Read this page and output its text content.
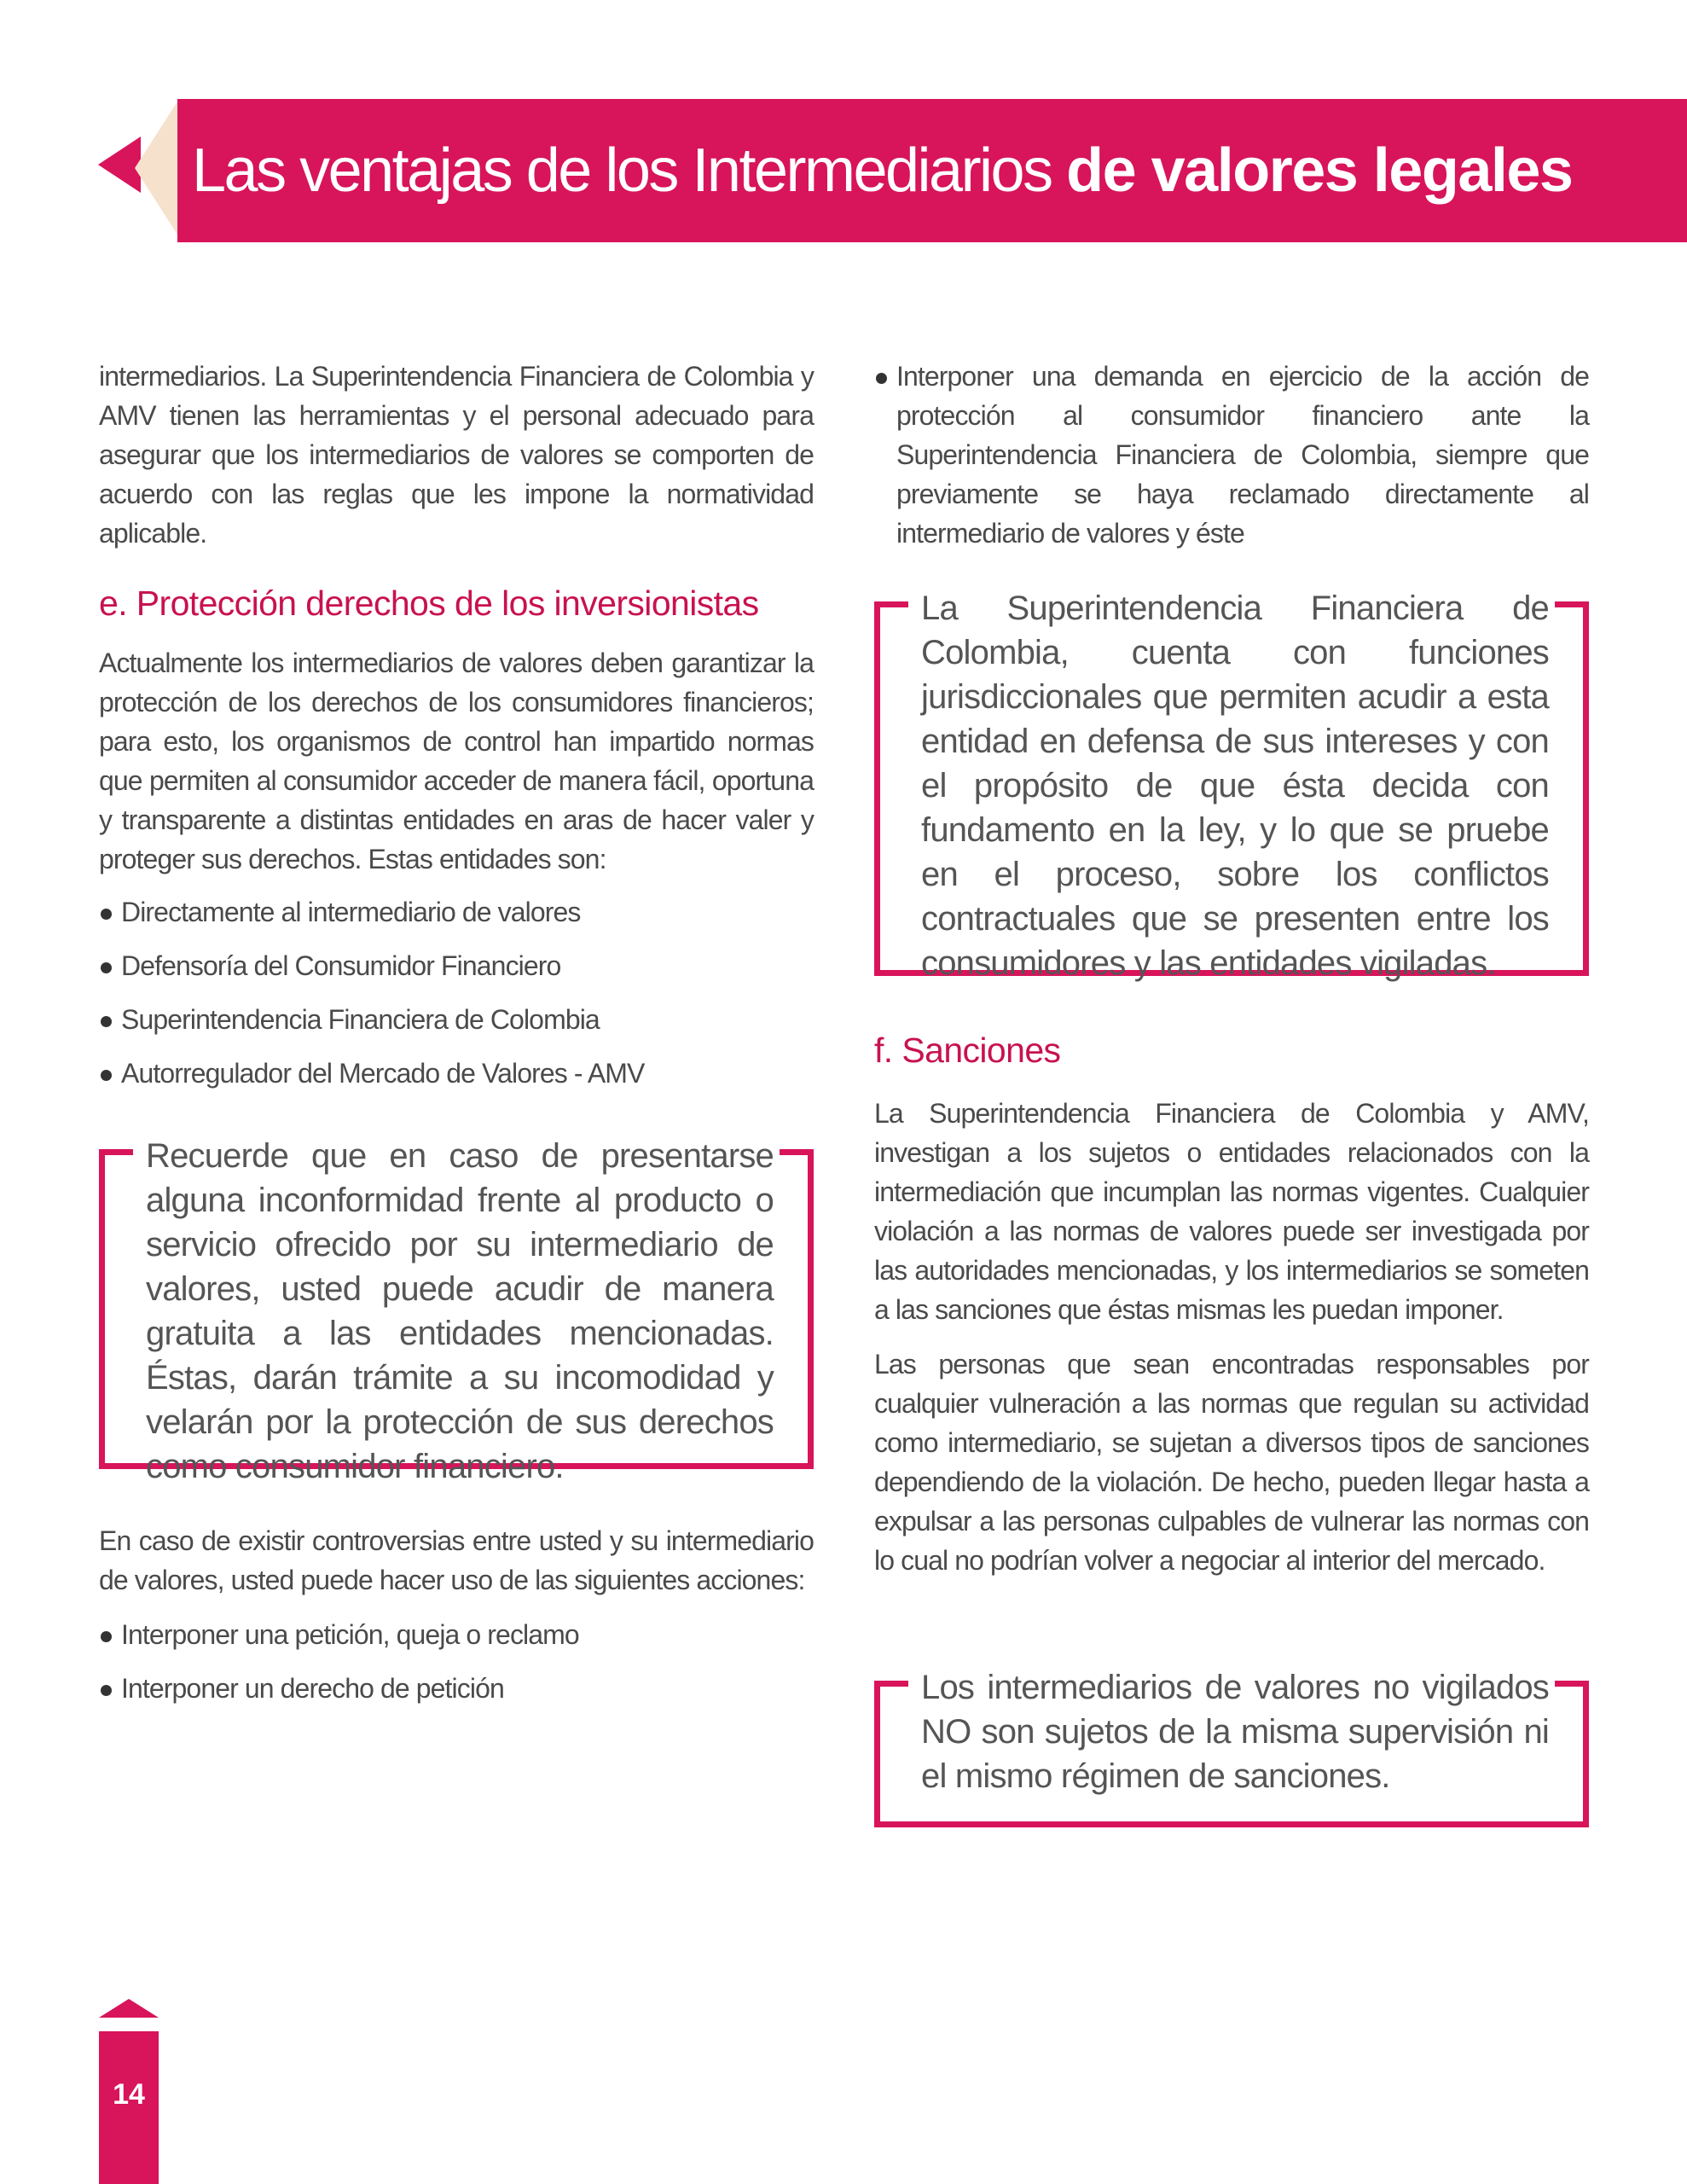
Las ventajas de los Intermediarios de valores legales

intermediarios. La Superintendencia Financiera de Colombia y AMV tienen las herramientas y el personal adecuado para asegurar que los intermediarios de valores se comporten de acuerdo con las reglas que les impone la normatividad aplicable.

e. Protección derechos de los inversionistas

Actualmente los intermediarios de valores deben garantizar la protección de los derechos de los consumidores financieros; para esto, los organismos de control han impartido normas que permiten al consumidor acceder de manera fácil, oportuna y transparente a distintas entidades en aras de hacer valer y proteger sus derechos. Estas entidades son:

Directamente al intermediario de valores
Defensoría del Consumidor Financiero
Superintendencia Financiera de Colombia
Autorregulador del Mercado de Valores - AMV

Recuerde que en caso de presentarse alguna inconformidad frente al producto o servicio ofrecido por su intermediario de valores, usted puede acudir de manera gratuita a las entidades mencionadas. Éstas, darán trámite a su incomodidad y velarán por la protección de sus derechos como consumidor financiero.

En caso de existir controversias entre usted y su intermediario de valores, usted puede hacer uso de las siguientes acciones:

Interponer una petición, queja o reclamo
Interponer un derecho de petición
Interponer una demanda en ejercicio de la acción de protección al consumidor financiero ante la Superintendencia Financiera de Colombia, siempre que previamente se haya reclamado directamente al intermediario de valores y éste

La Superintendencia Financiera de Colombia, cuenta con funciones jurisdiccionales que permiten acudir a esta entidad en defensa de sus intereses y con el propósito de que ésta decida con fundamento en la ley, y lo que se pruebe en el proceso, sobre los conflictos contractuales que se presenten entre los consumidores y las entidades vigiladas.

f. Sanciones

La Superintendencia Financiera de Colombia y AMV, investigan a los sujetos o entidades relacionados con la intermediación que incumplan las normas vigentes. Cualquier violación a las normas de valores puede ser investigada por las autoridades mencionadas, y los intermediarios se someten a las sanciones que éstas mismas les puedan imponer.

Las personas que sean encontradas responsables por cualquier vulneración a las normas que regulan su actividad como intermediario, se sujetan a diversos tipos de sanciones dependiendo de la violación. De hecho, pueden llegar hasta a expulsar a las personas culpables de vulnerar las normas con lo cual no podrían volver a negociar al interior del mercado.

Los intermediarios de valores no vigilados NO son sujetos de la misma supervisión ni el mismo régimen de sanciones.

14
